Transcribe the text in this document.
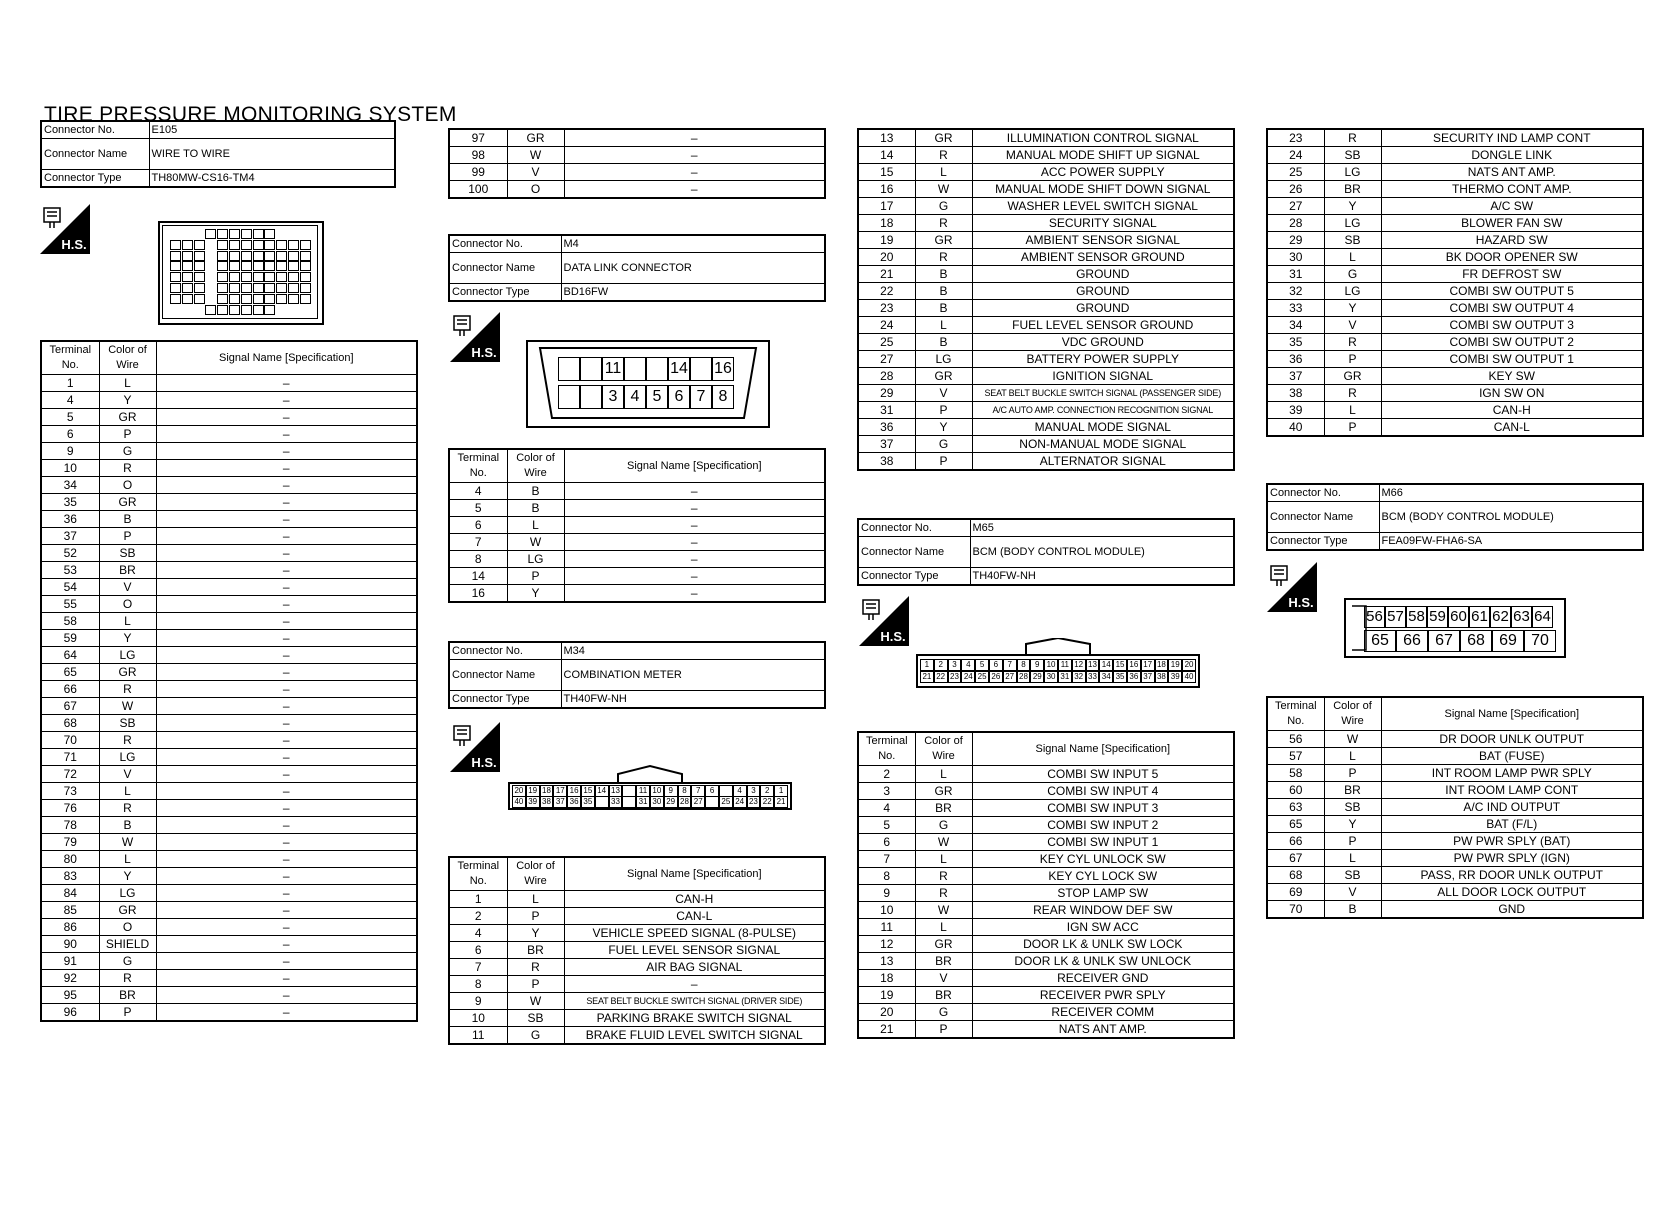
TIRE PRESSURE MONITORING SYSTEM
Connector No.	E105
Connector Name	WIRE TO WIRE
Connector Type	TH80MW-CS16-TM4
H.S.
Terminal No.	Color of Wire	Signal Name [Specification]
1	L	–
4	Y	–
5	GR	–
6	P	–
9	G	–
10	R	–
34	O	–
35	GR	–
36	B	–
37	P	–
52	SB	–
53	BR	–
54	V	–
55	O	–
58	L	–
59	Y	–
64	LG	–
65	GR	–
66	R	–
67	W	–
68	SB	–
70	R	–
71	LG	–
72	V	–
73	L	–
76	R	–
78	B	–
79	W	–
80	L	–
83	Y	–
84	LG	–
85	GR	–
86	O	–
90	SHIELD	–
91	G	–
92	R	–
95	BR	–
96	P	–
97	GR	–
98	W	–
99	V	–
100	O	–
Connector No.	M4
Connector Name	DATA LINK CONNECTOR
Connector Type	BD16FW
H.S.
11	14 16
3 4 5 6 7 8
Terminal No.	Color of Wire	Signal Name [Specification]
4	B	–
5	B	–
6	L	–
7	W	–
8	LG	–
14	P	–
16	Y	–
Connector No.	M34
Connector Name	COMBINATION METER
Connector Type	TH40FW-NH
H.S.
20 19 18 17 16 15 14 13	11 10 9	8	7	6	4	3	2	1
40 39 38 37 36 35	33	31 30 29 28 27	25 24 23 22 21
Terminal No.	Color of Wire	Signal Name [Specification]
1	L	CAN-H
2	P	CAN-L
4	Y	VEHICLE SPEED SIGNAL (8-PULSE)
6	BR	FUEL LEVEL SENSOR SIGNAL
7	R	AIR BAG SIGNAL
8	P	–
9	W	SEAT BELT BUCKLE SWITCH SIGNAL (DRIVER SIDE)
10	SB	PARKING BRAKE SWITCH SIGNAL
11	G	BRAKE FLUID LEVEL SWITCH SIGNAL
13	GR	ILLUMINATION CONTROL SIGNAL
14	R	MANUAL MODE SHIFT UP SIGNAL
15	L	ACC POWER SUPPLY
16	W	MANUAL MODE SHIFT DOWN SIGNAL
17	G	WASHER LEVEL SWITCH SIGNAL
18	R	SECURITY SIGNAL
19	GR	AMBIENT SENSOR SIGNAL
20	R	AMBIENT SENSOR GROUND
21	B	GROUND
22	B	GROUND
23	B	GROUND
24	L	FUEL LEVEL SENSOR GROUND
25	B	VDC GROUND
27	LG	BATTERY POWER SUPPLY
28	GR	IGNITION SIGNAL
29	V	SEAT BELT BUCKLE SWITCH SIGNAL (PASSENGER SIDE)
31	P	A/C AUTO AMP. CONNECTION RECOGNITION SIGNAL
36	Y	MANUAL MODE SIGNAL
37	G	NON-MANUAL MODE SIGNAL
38	P	ALTERNATOR SIGNAL
Connector No.	M65
Connector Name	BCM (BODY CONTROL MODULE)
Connector Type	TH40FW-NH
H.S.
1	2	3	4	5	6	7	8	9 10 11 12 13 14 15 16 17 18 19 20
21 22 23 24 25 26 27 28 29 30 31 32 33 34 35 36 37 38 39 40
Terminal No.	Color of Wire	Signal Name [Specification]
2	L	COMBI SW INPUT 5
3	GR	COMBI SW INPUT 4
4	BR	COMBI SW INPUT 3
5	G	COMBI SW INPUT 2
6	W	COMBI SW INPUT 1
7	L	KEY CYL UNLOCK SW
8	R	KEY CYL LOCK SW
9	R	STOP LAMP SW
10	W	REAR WINDOW DEF SW
11	L	IGN SW ACC
12	GR	DOOR LK & UNLK SW LOCK
13	BR	DOOR LK & UNLK SW UNLOCK
18	V	RECEIVER GND
19	BR	RECEIVER PWR SPLY
20	G	RECEIVER COMM
21	P	NATS ANT AMP.
23	R	SECURITY IND LAMP CONT
24	SB	DONGLE LINK
25	LG	NATS ANT AMP.
26	BR	THERMO CONT AMP.
27	Y	A/C SW
28	LG	BLOWER FAN SW
29	SB	HAZARD SW
30	L	BK DOOR OPENER SW
31	G	FR DEFROST SW
32	LG	COMBI SW OUTPUT 5
33	Y	COMBI SW OUTPUT 4
34	V	COMBI SW OUTPUT 3
35	R	COMBI SW OUTPUT 2
36	P	COMBI SW OUTPUT 1
37	GR	KEY SW
38	R	IGN SW ON
39	L	CAN-H
40	P	CAN-L
Connector No.	M66
Connector Name	BCM (BODY CONTROL MODULE)
Connector Type	FEA09FW-FHA6-SA
H.S.
56 57 58 59 60 61 62 63 64
65 66 67 68 69 70
Terminal No.	Color of Wire	Signal Name [Specification]
56	W	DR DOOR UNLK OUTPUT
57	L	BAT (FUSE)
58	P	INT ROOM LAMP PWR SPLY
60	BR	INT ROOM LAMP CONT
63	SB	A/C IND OUTPUT
65	Y	BAT (F/L)
66	P	PW PWR SPLY (BAT)
67	L	PW PWR SPLY (IGN)
68	SB	PASS, RR DOOR UNLK OUTPUT
69	V	ALL DOOR LOCK OUTPUT
70	B	GND
